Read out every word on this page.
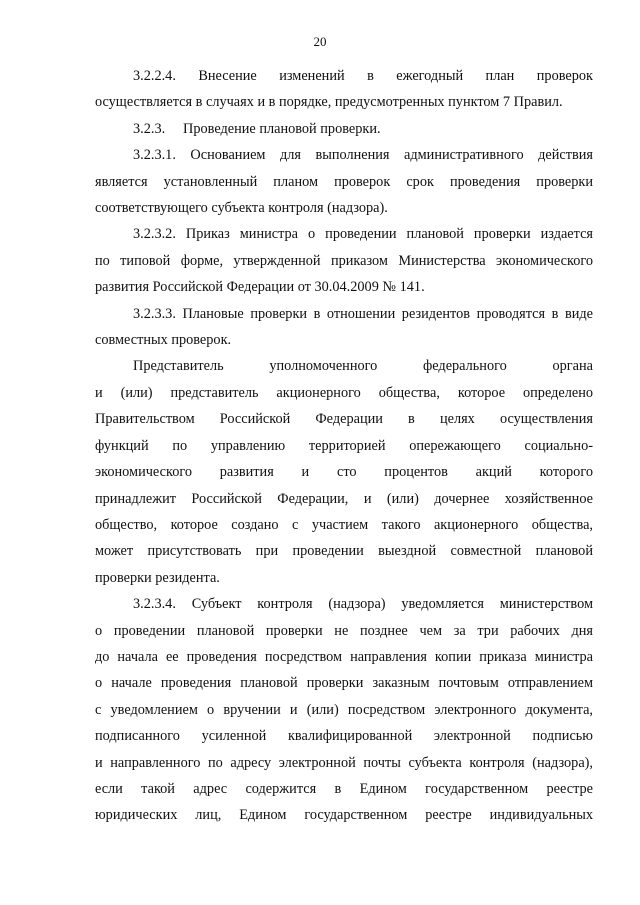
20
3.2.2.4. Внесение изменений в ежегодный план проверок
осуществляется в случаях и в порядке, предусмотренных пунктом 7 Правил.
3.2.3.     Проведение плановой проверки.
3.2.3.1. Основанием для выполнения административного действия
является установленный планом проверок срок проведения проверки
соответствующего субъекта контроля (надзора).
3.2.3.2. Приказ министра о проведении плановой проверки издается
по типовой форме, утвержденной приказом Министерства экономического
развития Российской Федерации от 30.04.2009 № 141.
3.2.3.3. Плановые проверки в отношении резидентов проводятся в виде
совместных проверок.
Представитель уполномоченного федерального органа
и (или) представитель акционерного общества, которое определено
Правительством Российской Федерации в целях осуществления
функций по управлению территорией опережающего социально-
экономического развития и сто процентов акций которого
принадлежит Российской Федерации, и (или) дочернее хозяйственное
общество, которое создано с участием такого акционерного общества,
может присутствовать при проведении выездной совместной плановой
проверки резидента.
3.2.3.4. Субъект контроля (надзора) уведомляется министерством
о проведении плановой проверки не позднее чем за три рабочих дня
до начала ее проведения посредством направления копии приказа министра
о начале проведения плановой проверки заказным почтовым отправлением
с уведомлением о вручении и (или) посредством электронного документа,
подписанного усиленной квалифицированной электронной подписью
и направленного по адресу электронной почты субъекта контроля (надзора),
если такой адрес содержится в Едином государственном реестре
юридических лиц, Едином государственном реестре индивидуальных
